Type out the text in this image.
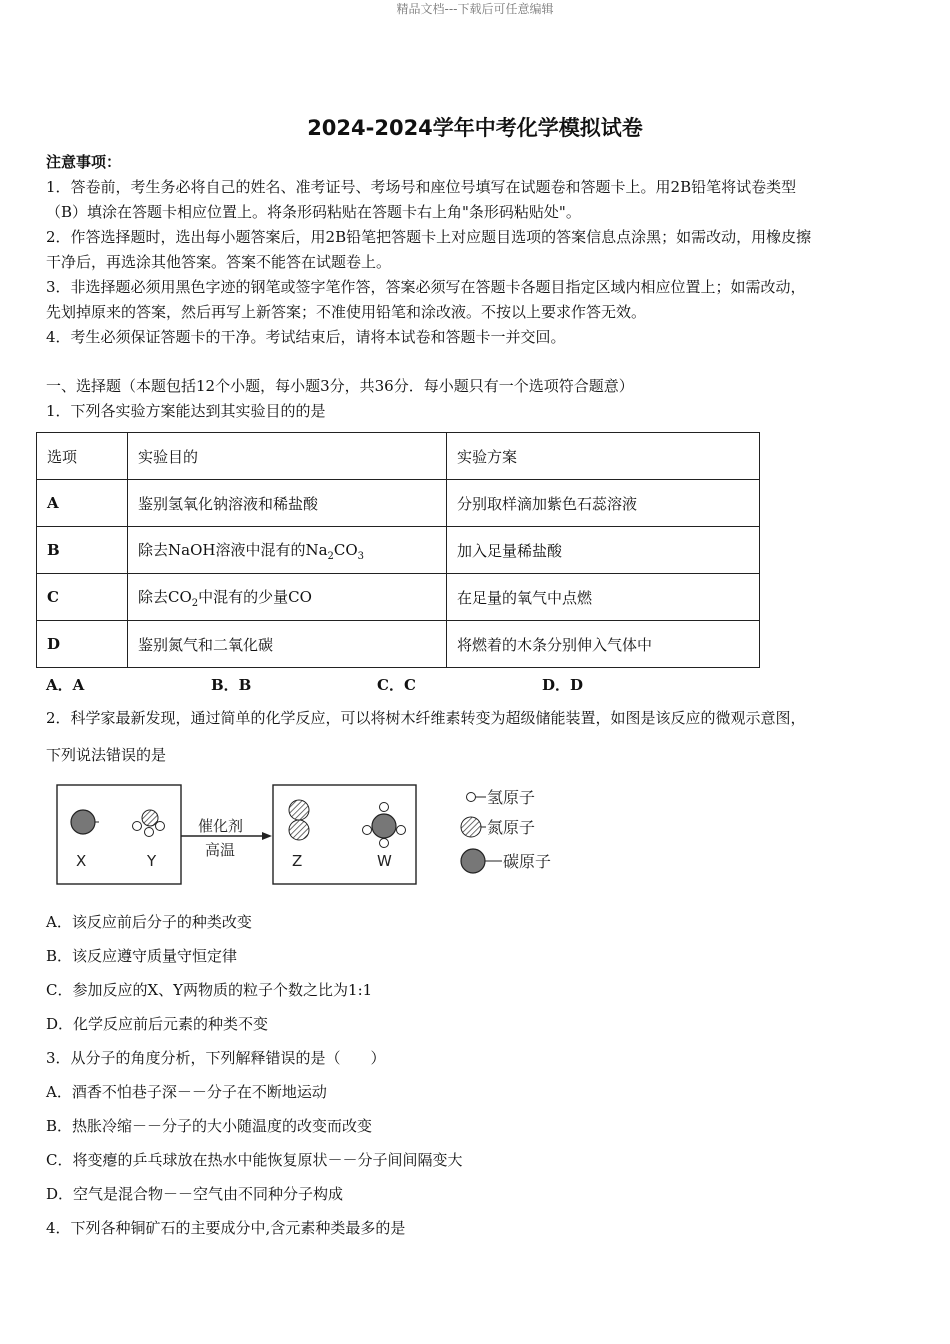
精品文档---下载后可任意编辑
2024-2024学年中考化学模拟试卷
注意事项：
1．答卷前，考生务必将自己的姓名、准考证号、考场号和座位号填写在试题卷和答题卡上。用2B铅笔将试卷类型
（B）填涂在答题卡相应位置上。将条形码粘贴在答题卡右上角"条形码粘贴处"。
2．作答选择题时，选出每小题答案后，用2B铅笔把答题卡上对应题目选项的答案信息点涂黑；如需改动，用橡皮擦
干净后，再选涂其他答案。答案不能答在试题卷上。
3．非选择题必须用黑色字迹的钢笔或签字笔作答，答案必须写在答题卡各题目指定区域内相应位置上；如需改动，
先划掉原来的答案，然后再写上新答案；不准使用铅笔和涂改液。不按以上要求作答无效。
4．考生必须保证答题卡的干净。考试结束后，请将本试卷和答题卡一并交回。
一、选择题（本题包括12个小题，每小题3分，共36分．每小题只有一个选项符合题意）
1．下列各实验方案能达到其实验目的的是
选项	实验目的	实验方案
A	鉴别氢氧化钠溶液和稀盐酸	分别取样滴加紫色石蕊溶液
B	除去NaOH溶液中混有的$Na_2CO_3$	加入足量稀盐酸
C	除去$CO_2$中混有的少量CO	在足量的氧气中点燃
D	鉴别氮气和二氧化碳	将燃着的木条分别伸入气体中
A．A	B．B	C．C	D．D
2．科学家最新发现，通过简单的化学反应，可以将树木纤维素转变为超级储能装置，如图是该反应的微观示意图，
下列说法错误的是
X	Y
催化剂
高温
Z	W
氢原子
氮原子
碳原子
A．该反应前后分子的种类改变
B．该反应遵守质量守恒定律
C．参加反应的X、Y两物质的粒子个数之比为1:1
D．化学反应前后元素的种类不变
3．从分子的角度分析，下列解释错误的是（　　）
A．酒香不怕巷子深－－分子在不断地运动
B．热胀冷缩－－分子的大小随温度的改变而改变
C．将变瘪的乒乓球放在热水中能恢复原状－－分子间间隔变大
D．空气是混合物－－空气由不同种分子构成
4．下列各种铜矿石的主要成分中,含元素种类最多的是
